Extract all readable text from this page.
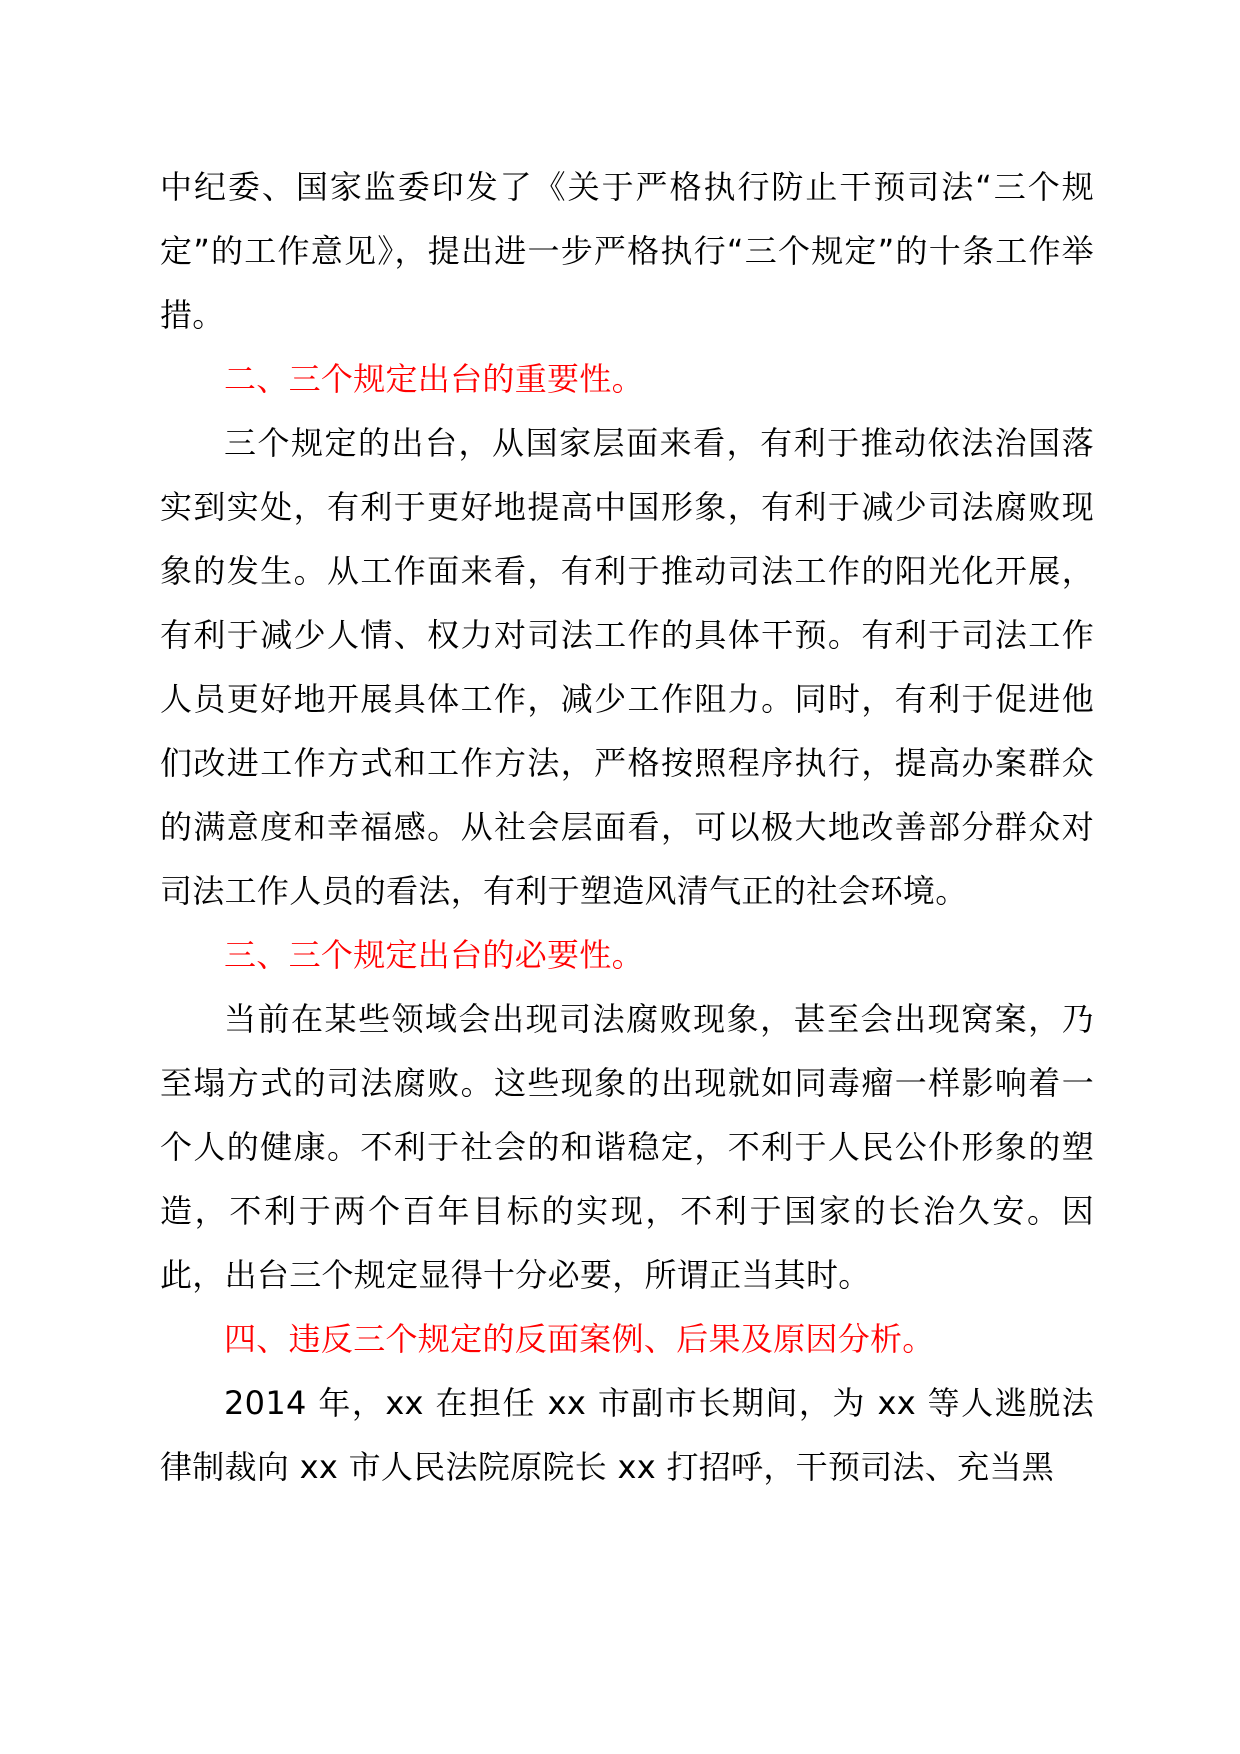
中纪委、国家监委印发了《关于严格执行防止干预司法“三个规定”的工作意见》，提出进一步严格执行“三个规定”的十条工作举措。

二、三个规定出台的重要性。

三个规定的出台，从国家层面来看，有利于推动依法治国落实到实处，有利于更好地提高中国形象，有利于减少司法腐败现象的发生。从工作面来看，有利于推动司法工作的阳光化开展，有利于减少人情、权力对司法工作的具体干预。有利于司法工作人员更好地开展具体工作，减少工作阻力。同时，有利于促进他们改进工作方式和工作方法，严格按照程序执行，提高办案群众的满意度和幸福感。从社会层面看，可以极大地改善部分群众对司法工作人员的看法，有利于塑造风清气正的社会环境。

三、三个规定出台的必要性。

当前在某些领域会出现司法腐败现象，甚至会出现窝案，乃至塌方式的司法腐败。这些现象的出现就如同毒瘤一样影响着一个人的健康。不利于社会的和谐稳定，不利于人民公仆形象的塑造，不利于两个百年目标的实现，不利于国家的长治久安。因此，出台三个规定显得十分必要，所谓正当其时。

四、违反三个规定的反面案例、后果及原因分析。

2014 年，xx 在担任 xx 市副市长期间，为 xx 等人逃脱法律制裁向 xx 市人民法院原院长 xx 打招呼，干预司法、充当黑
